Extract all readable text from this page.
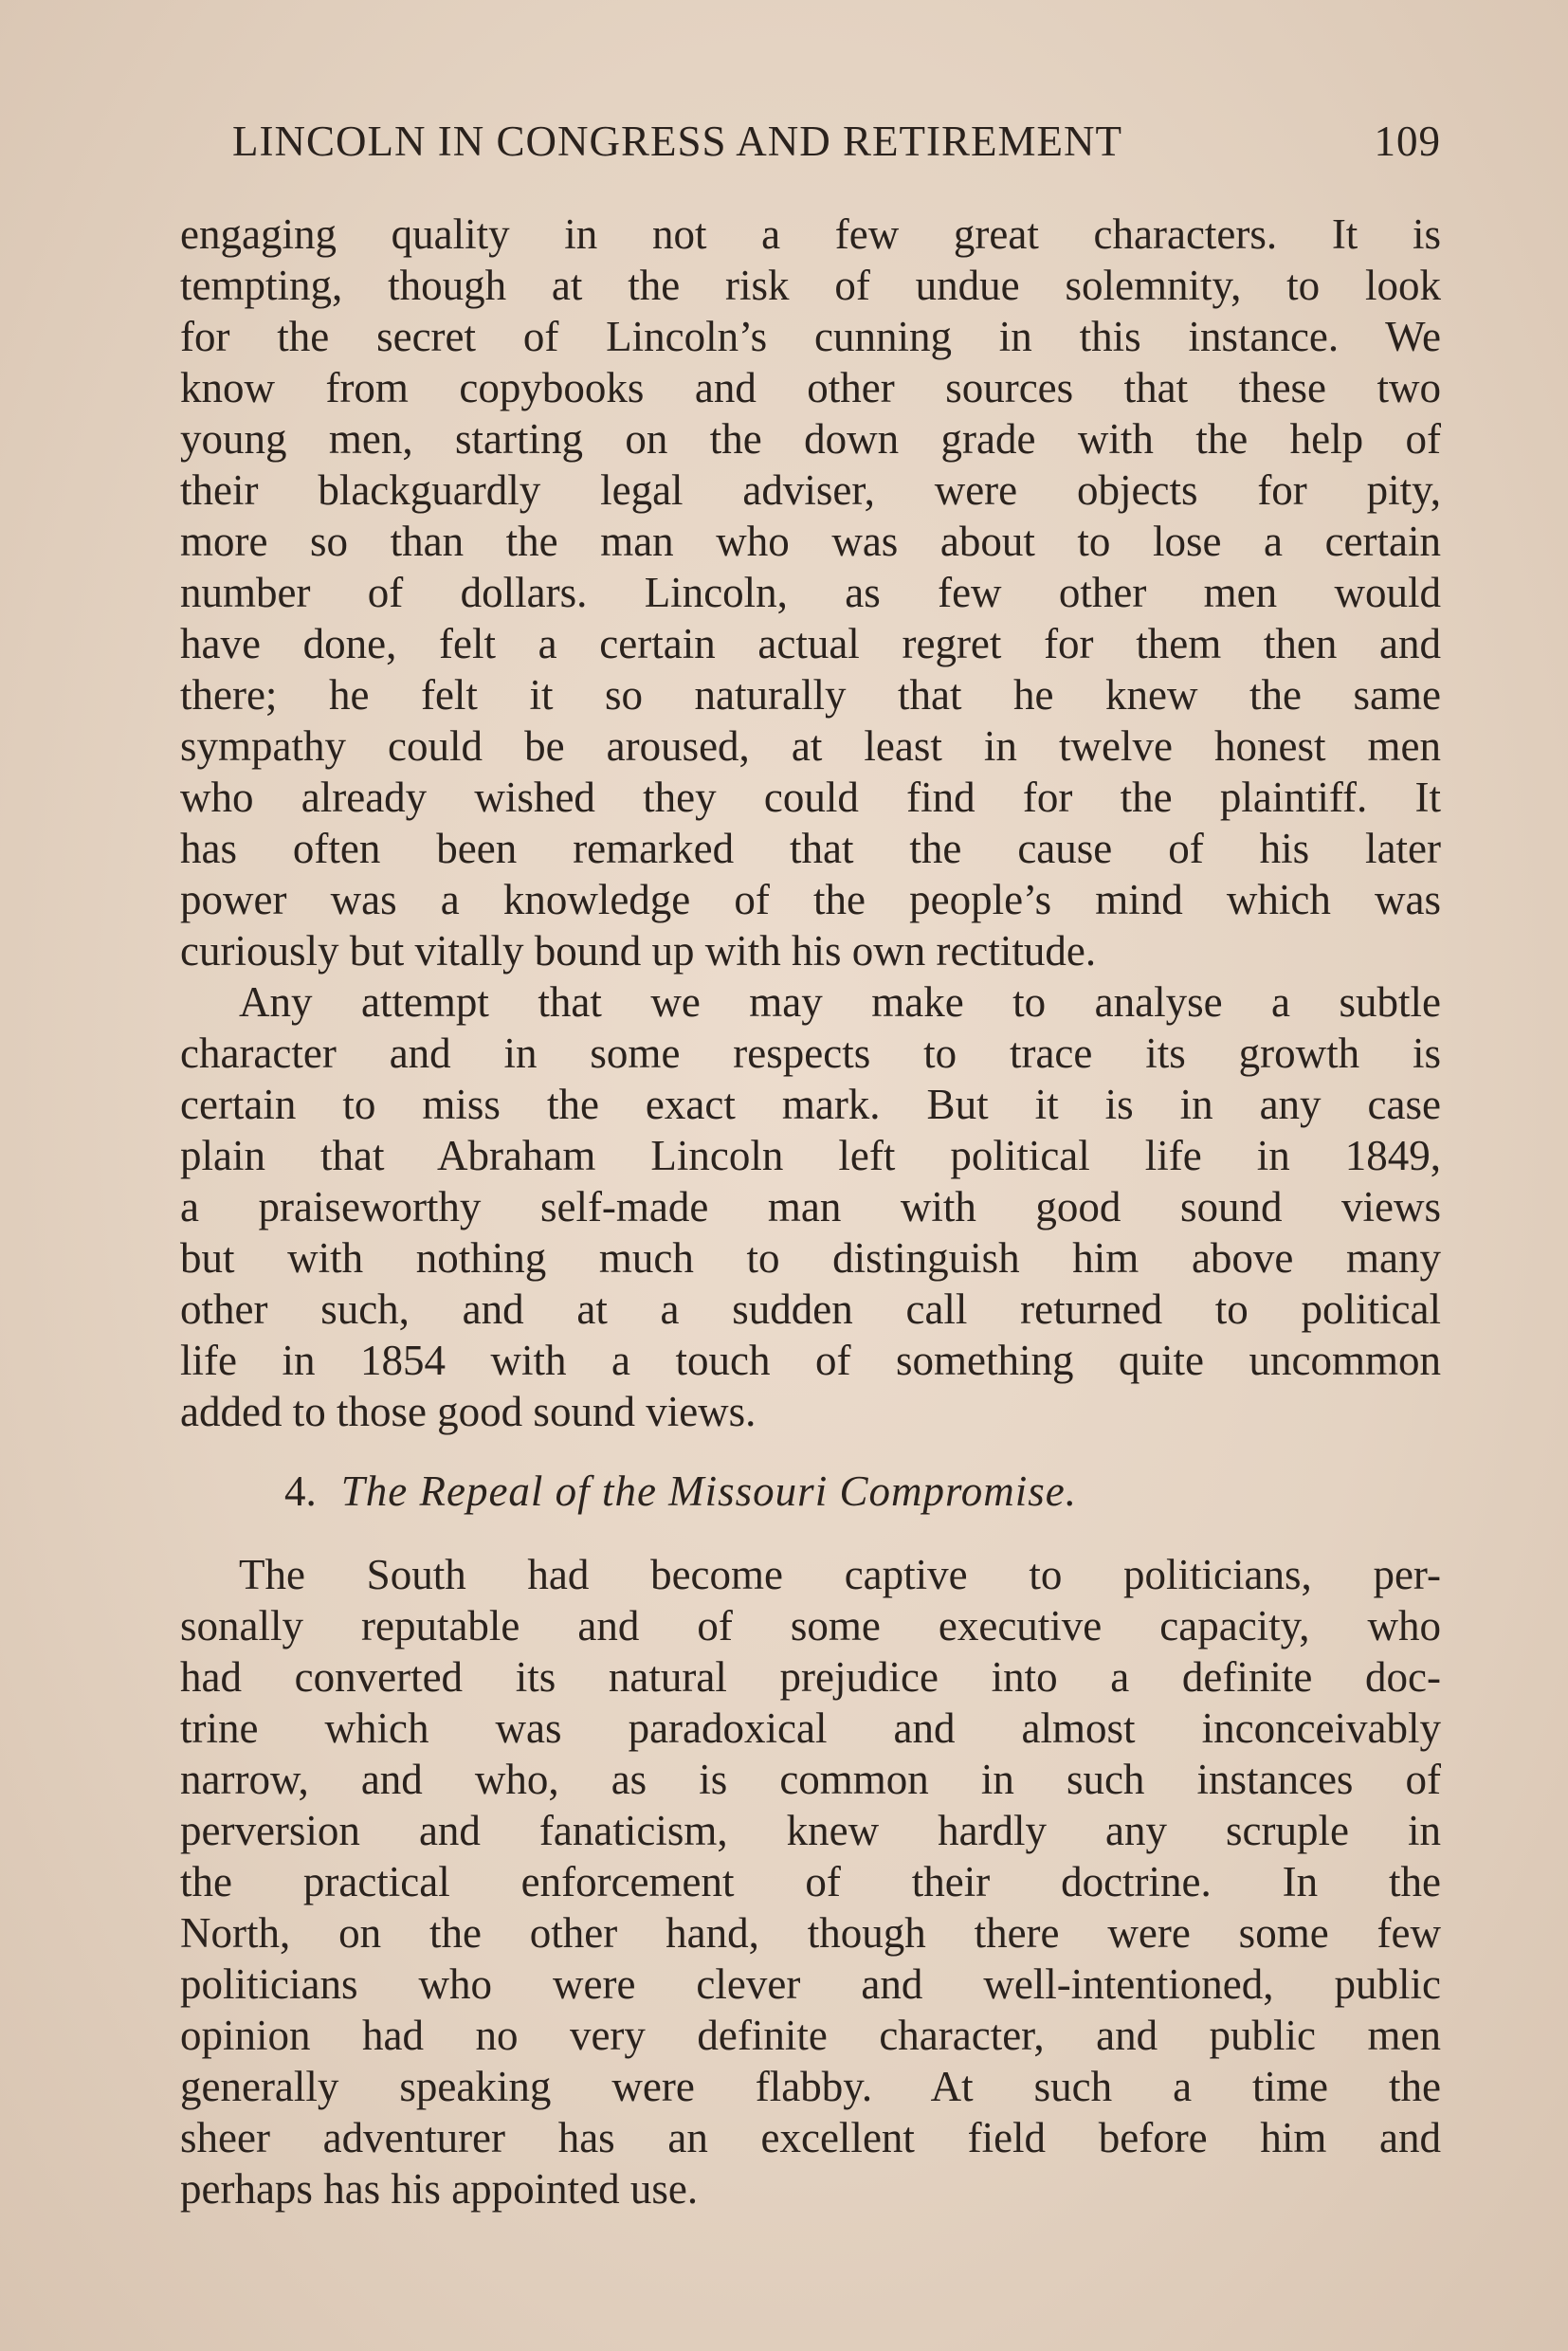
LINCOLN IN CONGRESS AND RETIREMENT	109
engaging quality in not a few great characters. It is
tempting, though at the risk of undue solemnity, to look
for the secret of Lincoln’s cunning in this instance. We
know from copybooks and other sources that these two
young men, starting on the down grade with the help of
their blackguardly legal adviser, were objects for pity,
more so than the man who was about to lose a certain
number of dollars. Lincoln, as few other men would
have done, felt a certain actual regret for them then and
there; he felt it so naturally that he knew the same
sympathy could be aroused, at least in twelve honest men
who already wished they could find for the plaintiff. It
has often been remarked that the cause of his later
power was a knowledge of the people’s mind which was
curiously but vitally bound up with his own rectitude.
Any attempt that we may make to analyse a subtle
character and in some respects to trace its growth is
certain to miss the exact mark. But it is in any case
plain that Abraham Lincoln left political life in 1849,
a praiseworthy self-made man with good sound views
but with nothing much to distinguish him above many
other such, and at a sudden call returned to political
life in 1854 with a touch of something quite uncommon
added to those good sound views.
4. The Repeal of the Missouri Compromise.
The South had become captive to politicians, per-
sonally reputable and of some executive capacity, who
had converted its natural prejudice into a definite doc-
trine which was paradoxical and almost inconceivably
narrow, and who, as is common in such instances of
perversion and fanaticism, knew hardly any scruple in
the practical enforcement of their doctrine. In the
North, on the other hand, though there were some few
politicians who were clever and well-intentioned, public
opinion had no very definite character, and public men
generally speaking were flabby. At such a time the
sheer adventurer has an excellent field before him and
perhaps has his appointed use.
